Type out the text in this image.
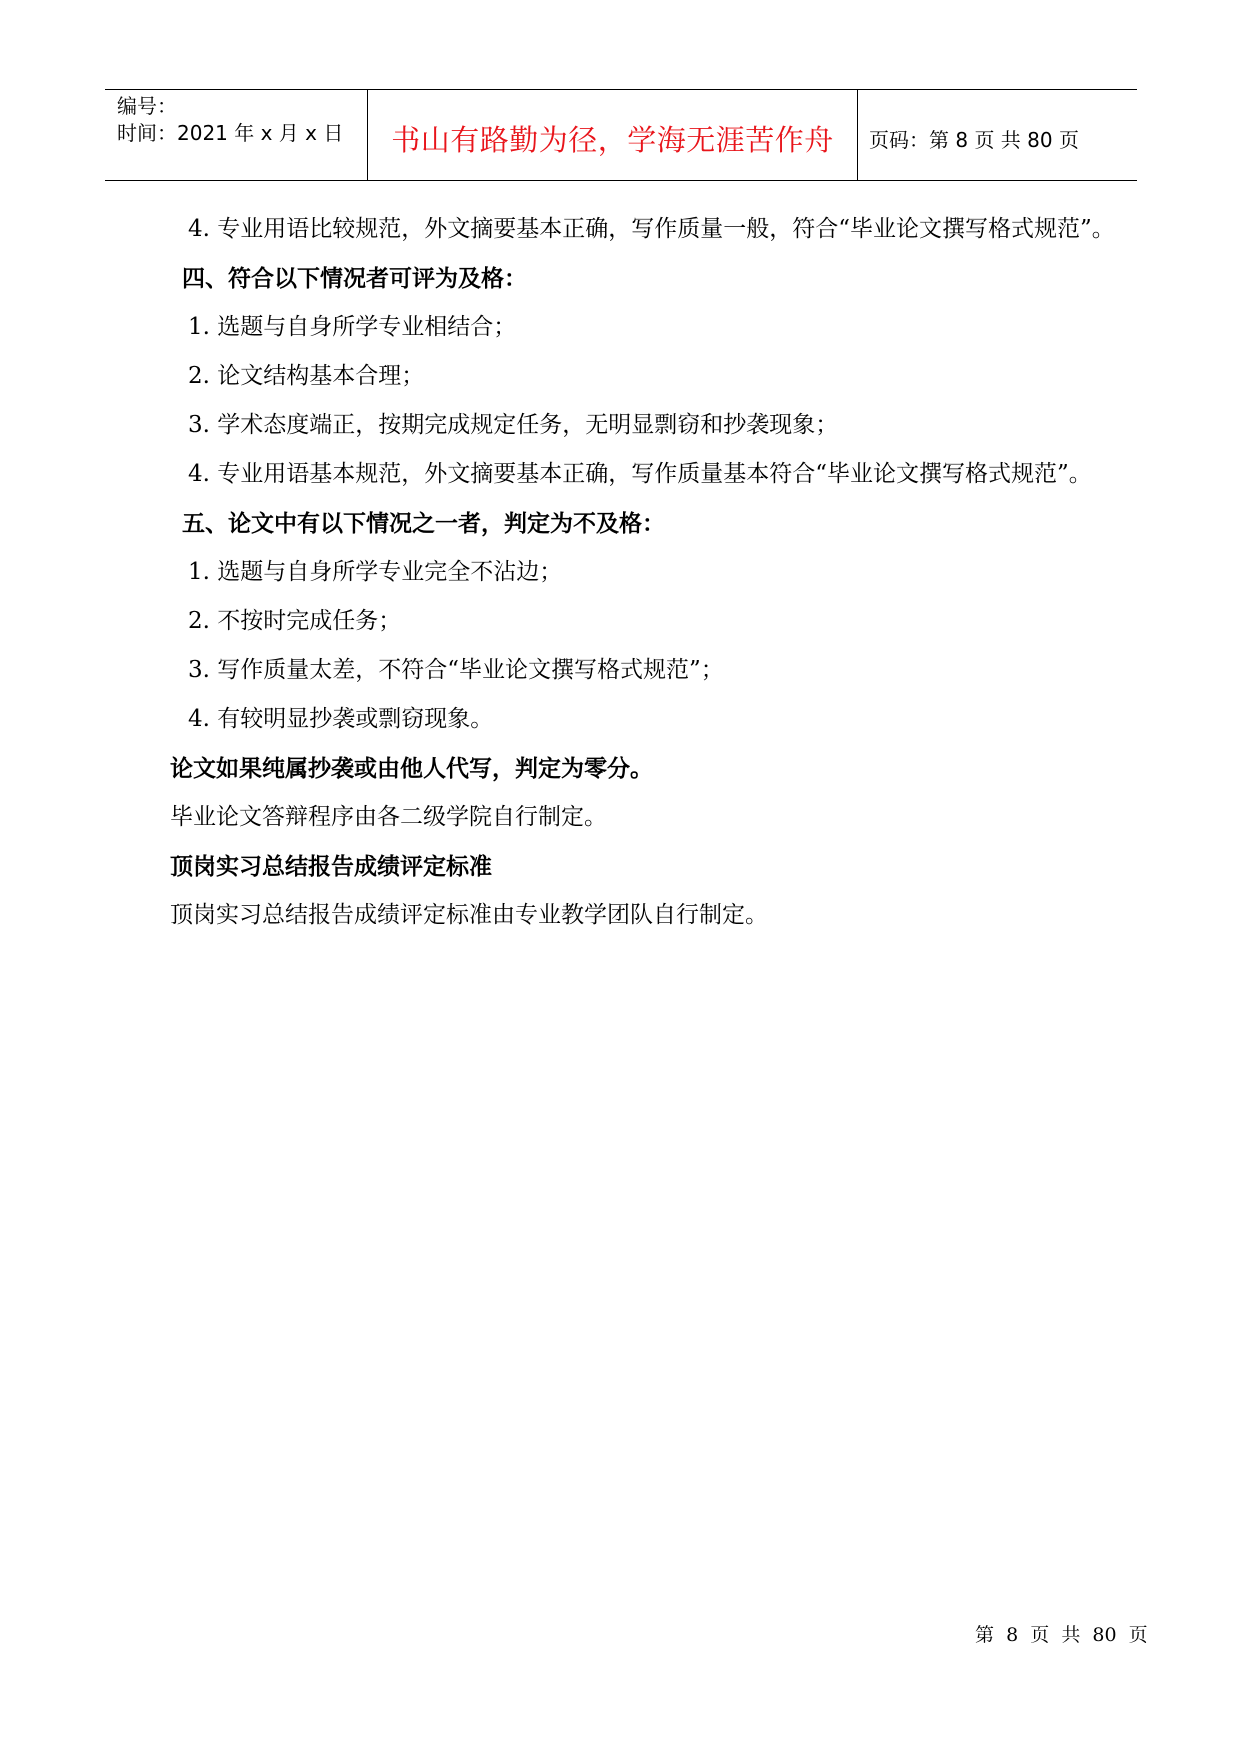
编号：
时间：2021 年 x 月 x 日	书山有路勤为径，学海无涯苦作舟 页码：第 8 页 共 80 页

4. 专业用语比较规范，外文摘要基本正确，写作质量一般，符合“毕业论文撰写格式规范”。

四、符合以下情况者可评为及格：

1. 选题与自身所学专业相结合；

2. 论文结构基本合理；

3. 学术态度端正，按期完成规定任务，无明显剽窃和抄袭现象；

4. 专业用语基本规范，外文摘要基本正确，写作质量基本符合“毕业论文撰写格式规范”。

五、论文中有以下情况之一者，判定为不及格：

1. 选题与自身所学专业完全不沾边；

2. 不按时完成任务；

3. 写作质量太差，不符合“毕业论文撰写格式规范”；

4. 有较明显抄袭或剽窃现象。

论文如果纯属抄袭或由他人代写，判定为零分。

毕业论文答辩程序由各二级学院自行制定。

顶岗实习总结报告成绩评定标准

顶岗实习总结报告成绩评定标准由专业教学团队自行制定。

第  8  页  共  80  页
